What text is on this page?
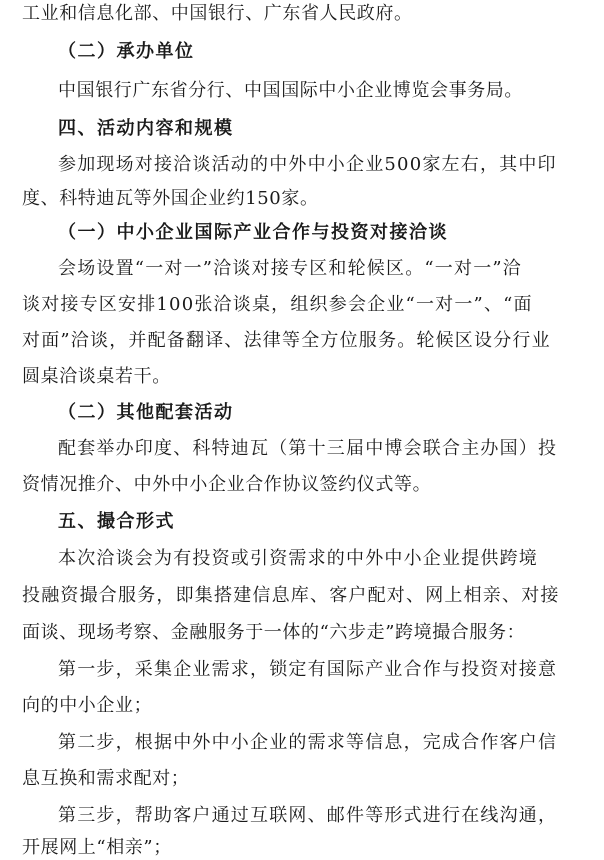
工业和信息化部、中国银行、广东省人民政府。
（二）承办单位
中国银行广东省分行、中国国际中小企业博览会事务局。
四、活动内容和规模
参加现场对接洽谈活动的中外中小企业500家左右，其中印
度、科特迪瓦等外国企业约150家。
（一）中小企业国际产业合作与投资对接洽谈
会场设置“一对一”洽谈对接专区和轮候区。“一对一”洽
谈对接专区安排100张洽谈桌，组织参会企业“一对一”、“面
对面”洽谈，并配备翻译、法律等全方位服务。轮候区设分行业
圆桌洽谈桌若干。
（二）其他配套活动
配套举办印度、科特迪瓦（第十三届中博会联合主办国）投
资情况推介、中外中小企业合作协议签约仪式等。
五、撮合形式
本次洽谈会为有投资或引资需求的中外中小企业提供跨境
投融资撮合服务，即集搭建信息库、客户配对、网上相亲、对接
面谈、现场考察、金融服务于一体的“六步走”跨境撮合服务：
第一步，采集企业需求，锁定有国际产业合作与投资对接意
向的中小企业；
第二步，根据中外中小企业的需求等信息，完成合作客户信
息互换和需求配对；
第三步，帮助客户通过互联网、邮件等形式进行在线沟通，
开展网上“相亲”；
